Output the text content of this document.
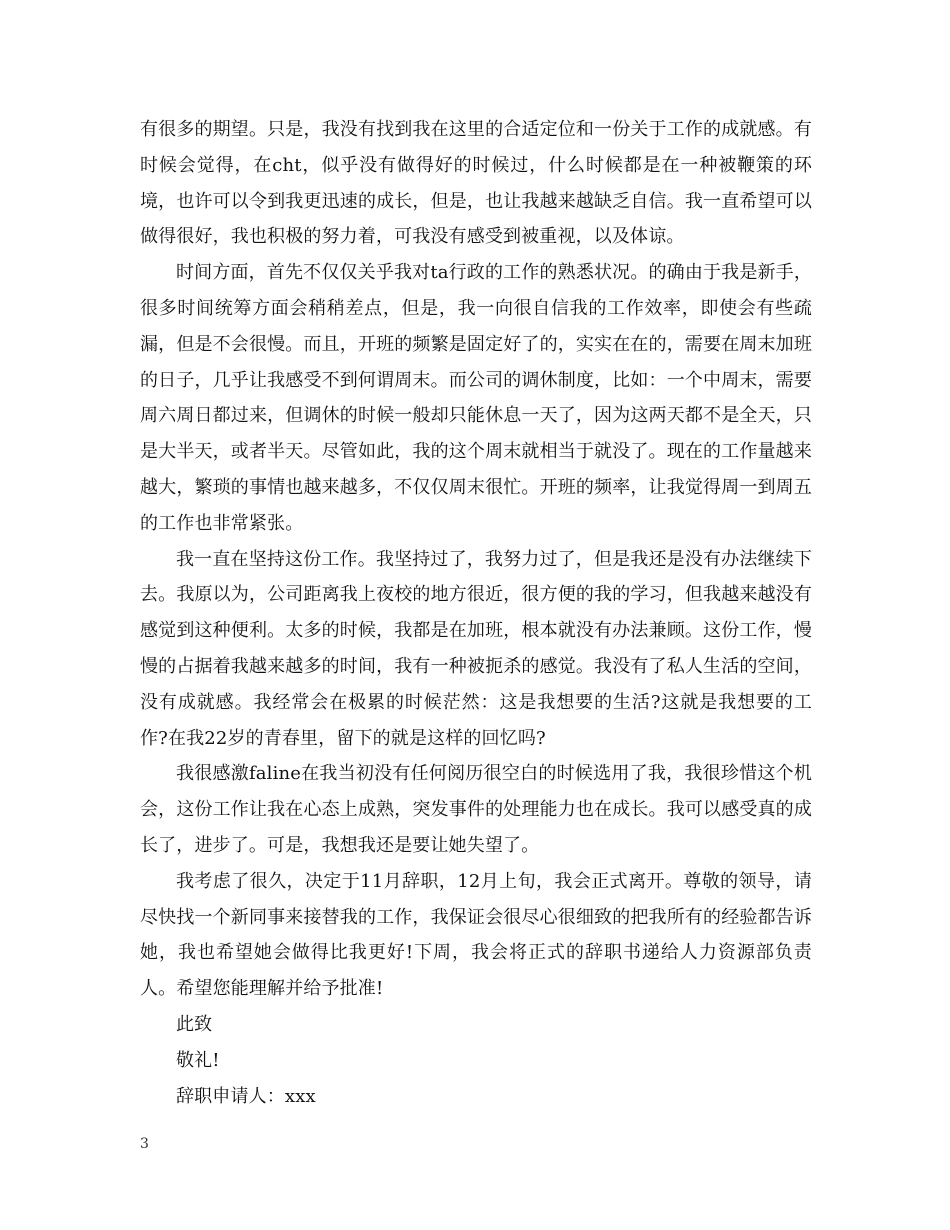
有很多的期望。只是，我没有找到我在这里的合适定位和一份关于工作的成就感。有时候会觉得，在cht，似乎没有做得好的时候过，什么时候都是在一种被鞭策的环境，也许可以令到我更迅速的成长，但是，也让我越来越缺乏自信。我一直希望可以做得很好，我也积极的努力着，可我没有感受到被重视，以及体谅。

时间方面，首先不仅仅关乎我对ta行政的工作的熟悉状况。的确由于我是新手，很多时间统筹方面会稍稍差点，但是，我一向很自信我的工作效率，即使会有些疏漏，但是不会很慢。而且，开班的频繁是固定好了的，实实在在的，需要在周末加班的日子，几乎让我感受不到何谓周末。而公司的调休制度，比如：一个中周末，需要周六周日都过来，但调休的时候一般却只能休息一天了，因为这两天都不是全天，只是大半天，或者半天。尽管如此，我的这个周末就相当于就没了。现在的工作量越来越大，繁琐的事情也越来越多，不仅仅周末很忙。开班的频率，让我觉得周一到周五的工作也非常紧张。

我一直在坚持这份工作。我坚持过了，我努力过了，但是我还是没有办法继续下去。我原以为，公司距离我上夜校的地方很近，很方便的我的学习，但我越来越没有感觉到这种便利。太多的时候，我都是在加班，根本就没有办法兼顾。这份工作，慢慢的占据着我越来越多的时间，我有一种被扼杀的感觉。我没有了私人生活的空间，没有成就感。我经常会在极累的时候茫然：这是我想要的生活?这就是我想要的工作?在我22岁的青春里，留下的就是这样的回忆吗?

我很感激faline在我当初没有任何阅历很空白的时候选用了我，我很珍惜这个机会，这份工作让我在心态上成熟，突发事件的处理能力也在成长。我可以感受真的成长了，进步了。可是，我想我还是要让她失望了。

我考虑了很久，决定于11月辞职，12月上旬，我会正式离开。尊敬的领导，请尽快找一个新同事来接替我的工作，我保证会很尽心很细致的把我所有的经验都告诉她，我也希望她会做得比我更好!下周，我会将正式的辞职书递给人力资源部负责人。希望您能理解并给予批准!

此致

敬礼!

辞职申请人：xxx

3
